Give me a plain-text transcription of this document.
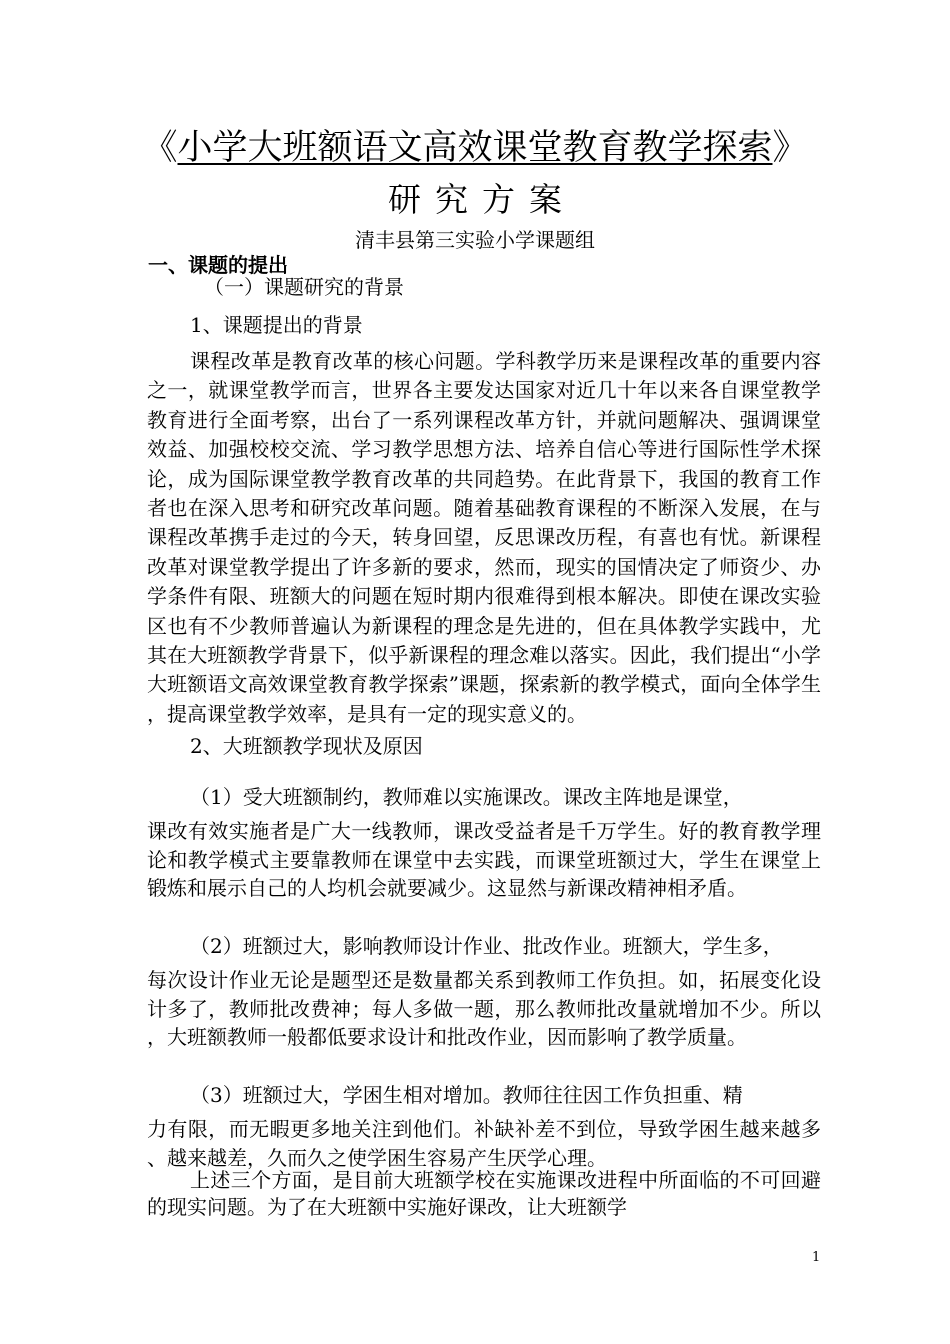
《小学大班额语文高效课堂教育教学探索》
研究方案
清丰县第三实验小学课题组
一、课题的提出
（一）课题研究的背景
1、课题提出的背景

课程改革是教育改革的核心问题。学科教学历来是课程改革的重要内容之一，就课堂教学而言，世界各主要发达国家对近几十年以来各自课堂教学教育进行全面考察，出台了一系列课程改革方针，并就问题解决、强调课堂效益、加强校校交流、学习教学思想方法、培养自信心等进行国际性学术探论，成为国际课堂教学教育改革的共同趋势。在此背景下，我国的教育工作者也在深入思考和研究改革问题。随着基础教育课程的不断深入发展，在与课程改革携手走过的今天，转身回望，反思课改历程，有喜也有忧。新课程改革对课堂教学提出了许多新的要求，然而，现实的国情决定了师资少、办学条件有限、班额大的问题在短时期内很难得到根本解决。即使在课改实验区也有不少教师普遍认为新课程的理念是先进的，但在具体教学实践中，尤其在大班额教学背景下，似乎新课程的理念难以落实。因此，我们提出“小学大班额语文高效课堂教育教学探索”课题，探索新的教学模式，面向全体学生，提高课堂教学效率，是具有一定的现实意义的。

2、大班额教学现状及原因
（1）受大班额制约，教师难以实施课改。课改主阵地是课堂，
课改有效实施者是广大一线教师，课改受益者是千万学生。好的教育教学理论和教学模式主要靠教师在课堂中去实践，而课堂班额过大，学生在课堂上锻炼和展示自己的人均机会就要减少。这显然与新课改精神相矛盾。
（2）班额过大，影响教师设计作业、批改作业。班额大，学生多，
每次设计作业无论是题型还是数量都关系到教师工作负担。如，拓展变化设计多了，教师批改费神；每人多做一题，那么教师批改量就增加不少。所以，大班额教师一般都低要求设计和批改作业，因而影响了教学质量。
（3）班额过大，学困生相对增加。教师往往因工作负担重、精
力有限，而无暇更多地关注到他们。补缺补差不到位，导致学困生越来越多、越来越差，久而久之使学困生容易产生厌学心理。

上述三个方面，是目前大班额学校在实施课改进程中所面临的不可回避的现实问题。为了在大班额中实施好课改，让大班额学

1
